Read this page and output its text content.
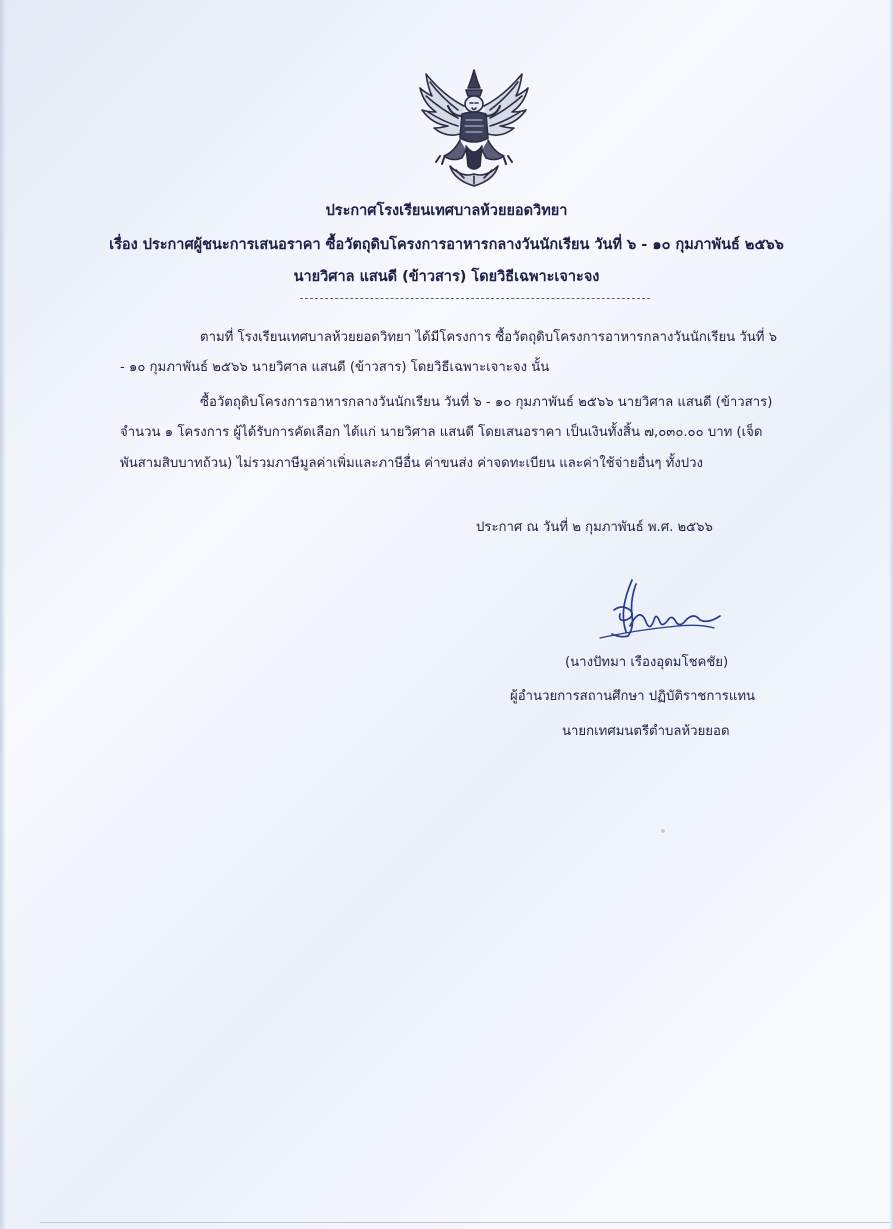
ประกาศโรงเรียนเทศบาลห้วยยอดวิทยา
เรื่อง ประกาศผู้ชนะการเสนอราคา ซื้อวัตถุดิบโครงการอาหารกลางวันนักเรียน วันที่ ๖ - ๑๐ กุมภาพันธ์ ๒๕๖๖
นายวิศาล แสนดี (ข้าวสาร) โดยวิธีเฉพาะเจาะจง
ตามที่ โรงเรียนเทศบาลห้วยยอดวิทยา ได้มีโครงการ ซื้อวัตถุดิบโครงการอาหารกลางวันนักเรียน วันที่ ๖
- ๑๐ กุมภาพันธ์ ๒๕๖๖ นายวิศาล แสนดี (ข้าวสาร) โดยวิธีเฉพาะเจาะจง นั้น
ซื้อวัตถุดิบโครงการอาหารกลางวันนักเรียน วันที่ ๖ - ๑๐ กุมภาพันธ์ ๒๕๖๖ นายวิศาล แสนดี (ข้าวสาร)
จำนวน ๑ โครงการ ผู้ได้รับการคัดเลือก ได้แก่ นายวิศาล แสนดี โดยเสนอราคา เป็นเงินทั้งสิ้น ๗,๐๓๐.๐๐ บาท (เจ็ด
พันสามสิบบาทถ้วน) ไม่รวมภาษีมูลค่าเพิ่มและภาษีอื่น ค่าขนส่ง ค่าจดทะเบียน และค่าใช้จ่ายอื่นๆ ทั้งปวง
ประกาศ ณ วันที่ ๒ กุมภาพันธ์ พ.ศ. ๒๕๖๖
(นางปัทมา เรืองอุดมโชคชัย)
ผู้อำนวยการสถานศึกษา ปฏิบัติราชการแทน
นายกเทศมนตรีตำบลห้วยยอด
